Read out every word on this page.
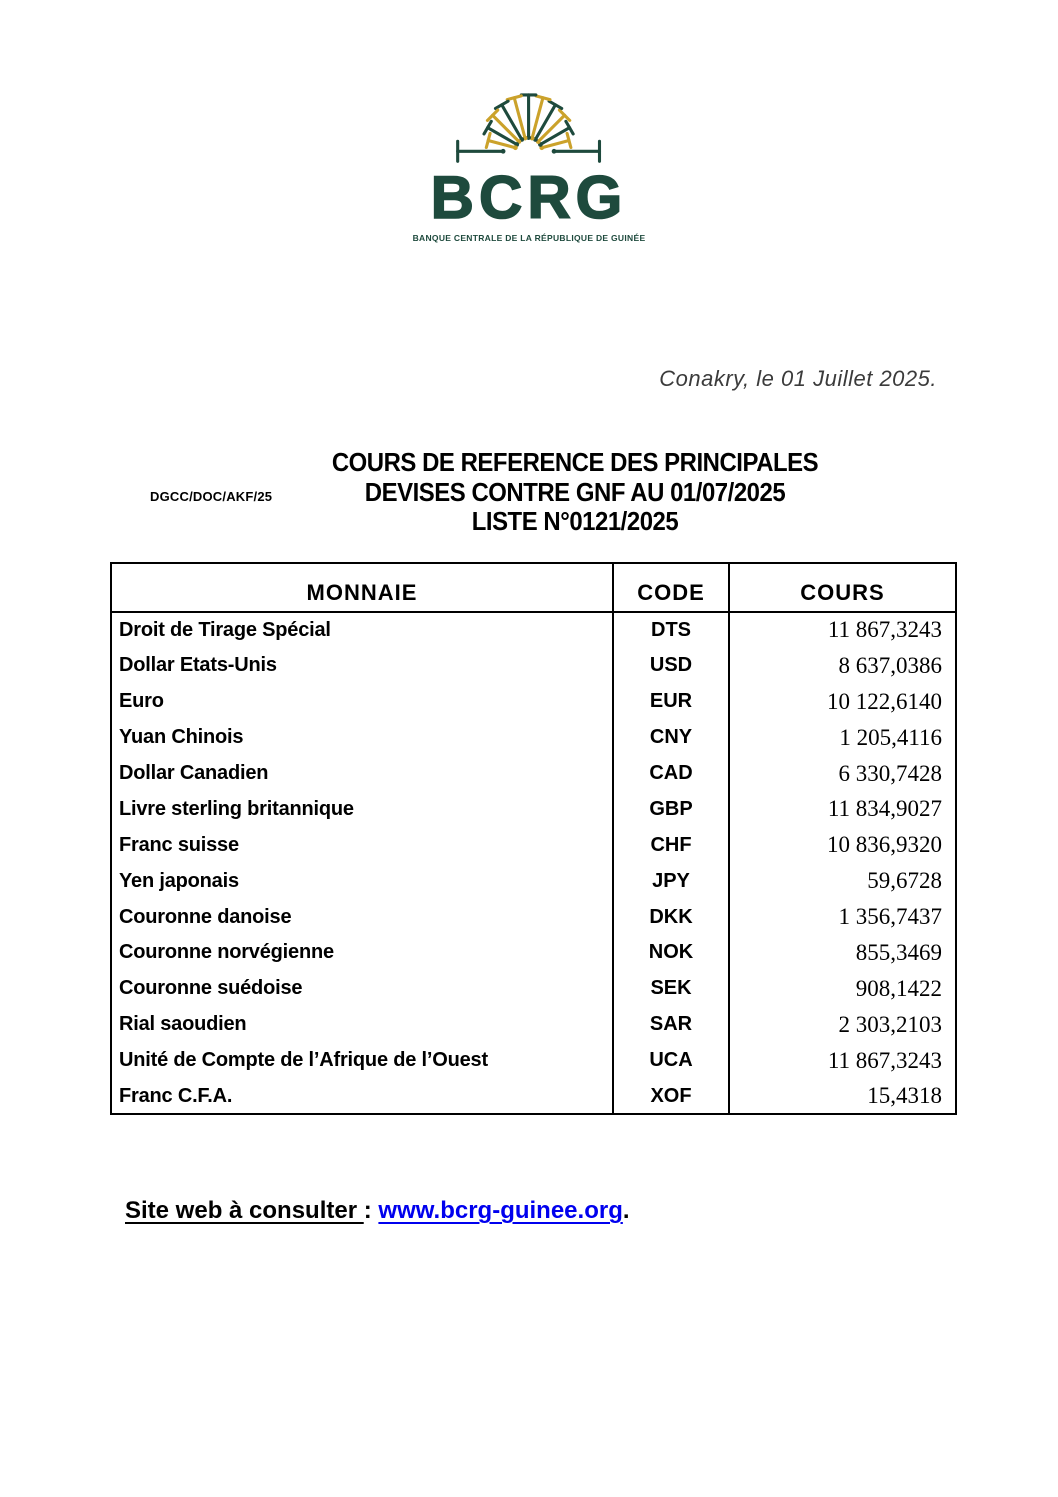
BCRG
BANQUE CENTRALE DE LA RÉPUBLIQUE DE GUINÉE
Conakry, le 01 Juillet 2025.
DGCC/DOC/AKF/25
COURS DE REFERENCE DES PRINCIPALES
DEVISES CONTRE GNF AU 01/07/2025
LISTE N°0121/2025
MONNAIE	CODE	COURS
Droit de Tirage Spécial	DTS	11 867,3243
Dollar Etats-Unis	USD	8 637,0386
Euro	EUR	10 122,6140
Yuan Chinois	CNY	1 205,4116
Dollar Canadien	CAD	6 330,7428
Livre sterling britannique	GBP	11 834,9027
Franc suisse	CHF	10 836,9320
Yen japonais	JPY	59,6728
Couronne danoise	DKK	1 356,7437
Couronne norvégienne	NOK	855,3469
Couronne suédoise	SEK	908,1422
Rial saoudien	SAR	2 303,2103
Unité de Compte de l’Afrique de l’Ouest	UCA	11 867,3243
Franc C.F.A.	XOF	15,4318
Site web à consulter : www.bcrg-guinee.org.
